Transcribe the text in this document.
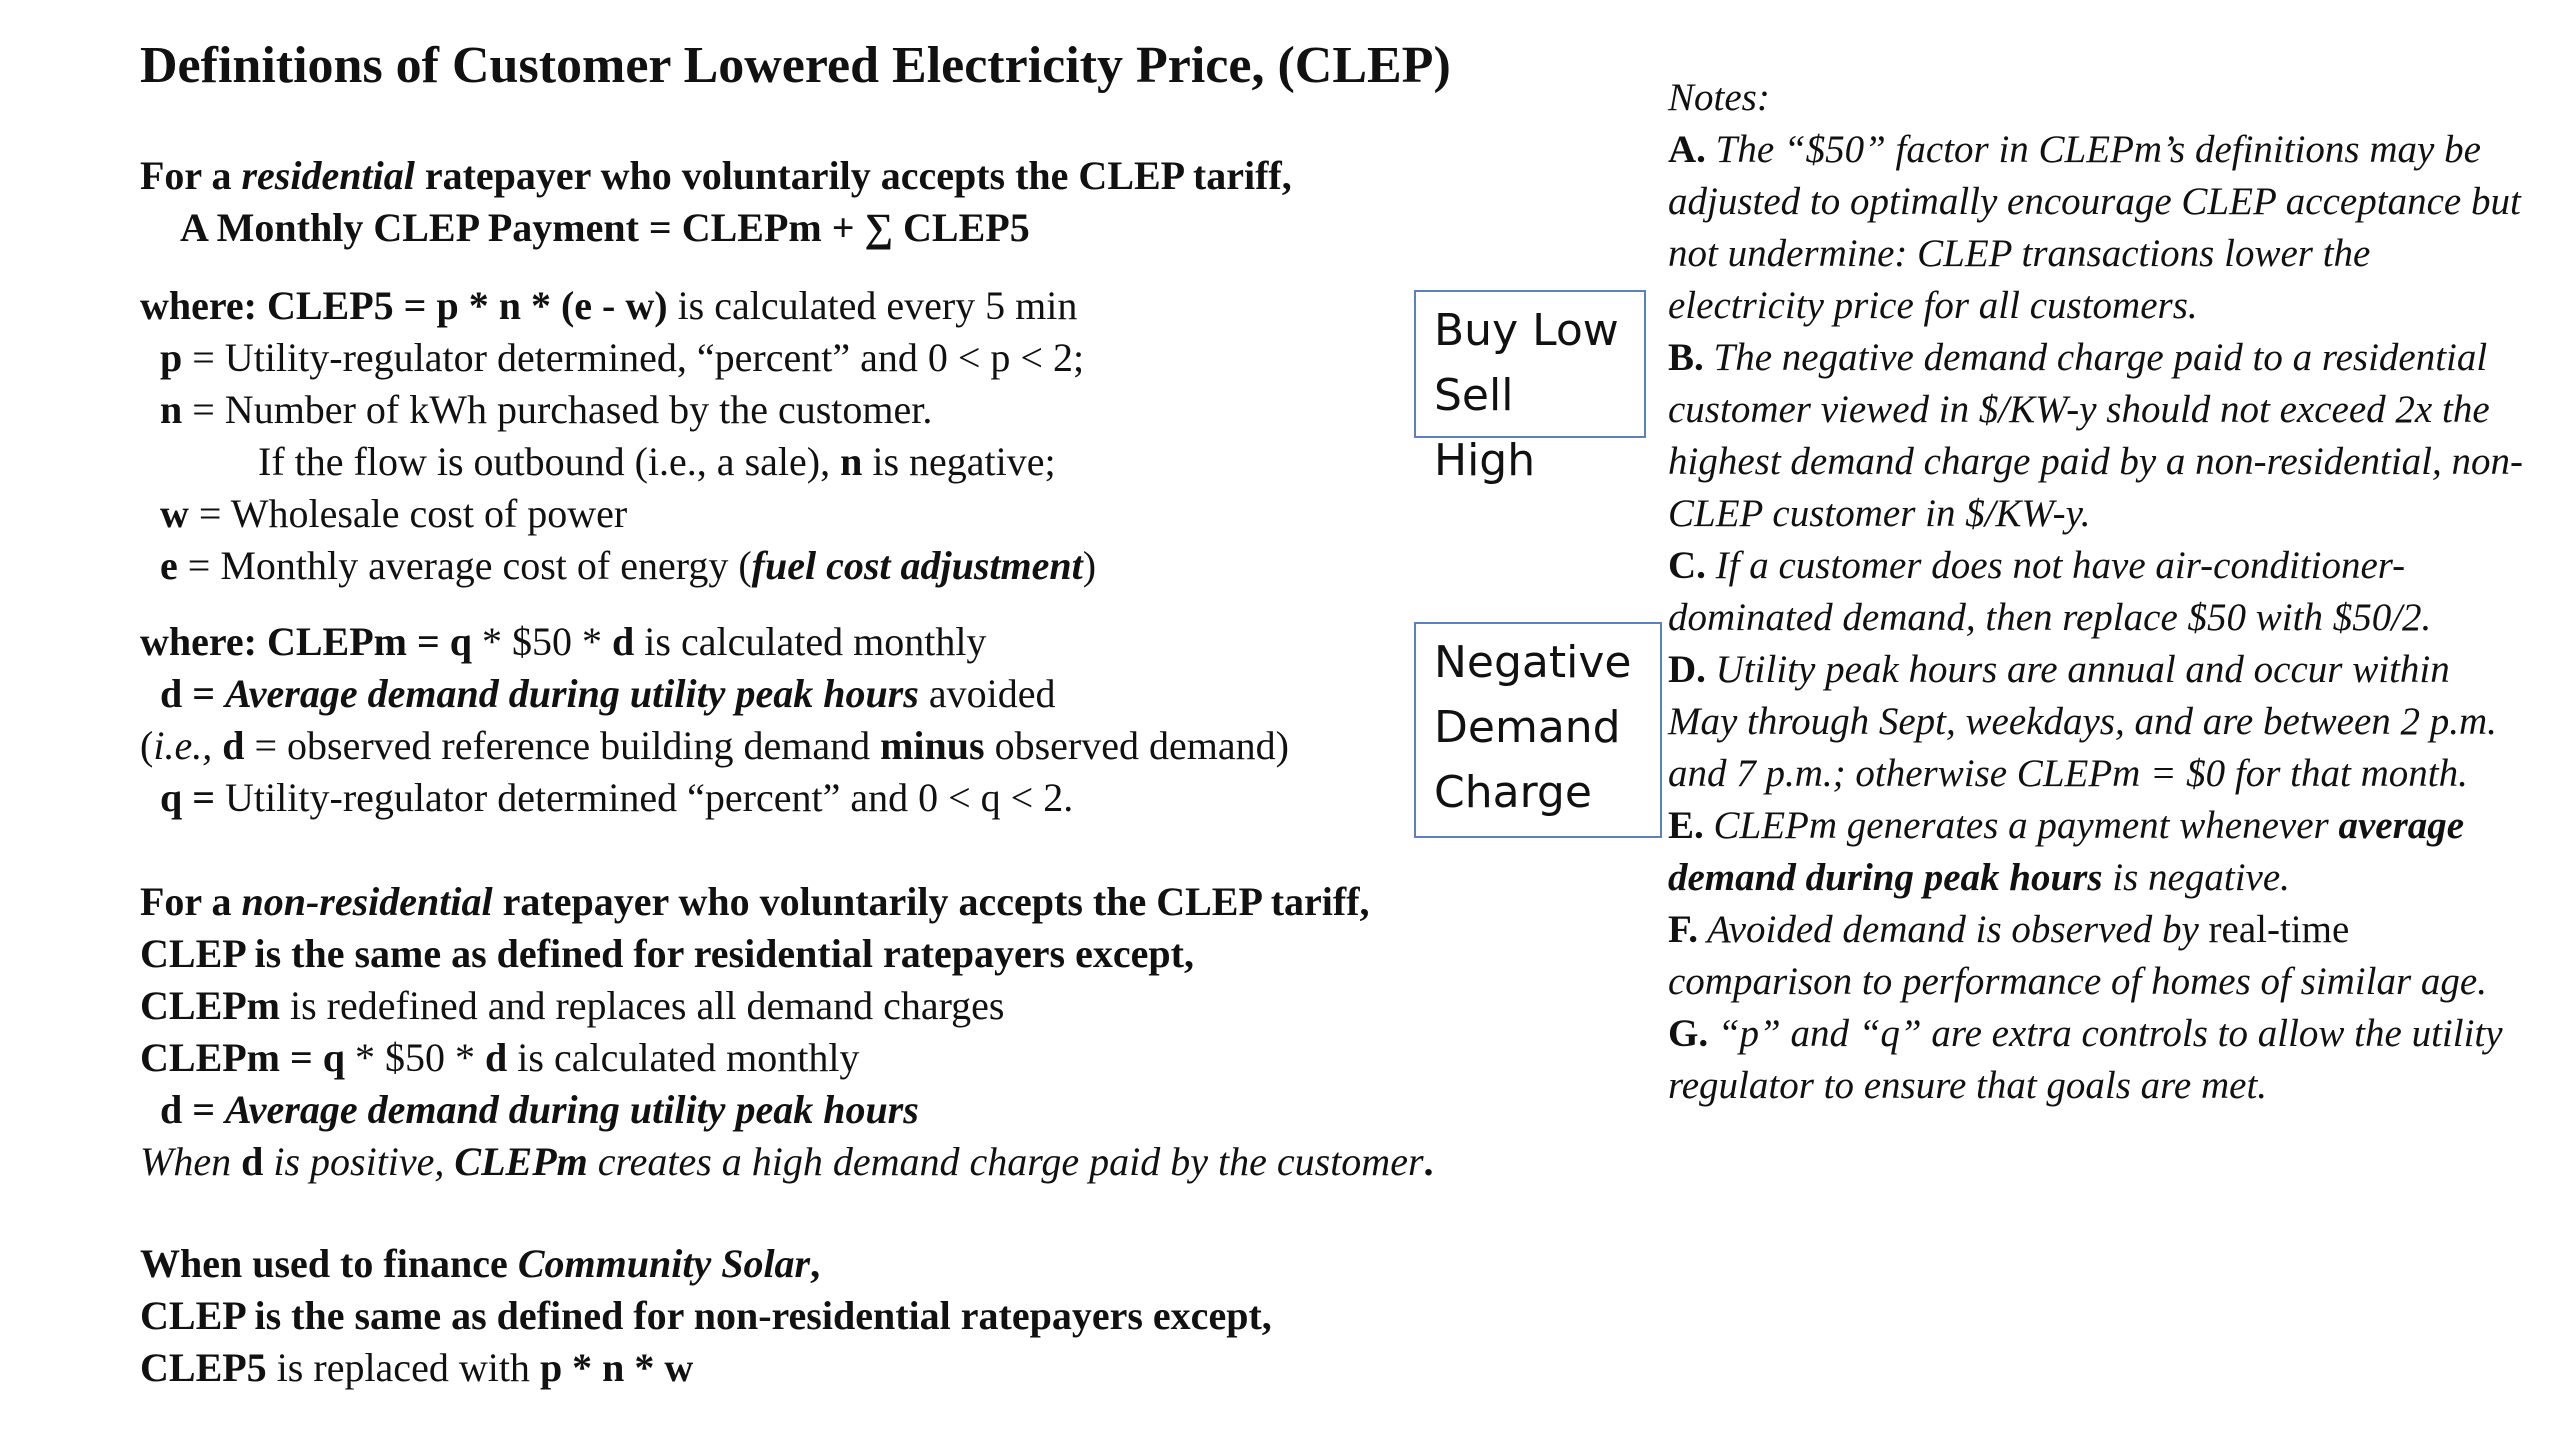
Definitions of Customer Lowered Electricity Price, (CLEP)
For a residential ratepayer who voluntarily accepts the CLEP tariff,
A Monthly CLEP Payment = CLEPm + ∑ CLEP5
where: CLEP5 = p * n * (e - w) is calculated every 5 min
p = Utility-regulator determined, “percent” and 0 < p < 2;
n = Number of kWh purchased by the customer.
If the flow is outbound (i.e., a sale), n is negative;
w = Wholesale cost of power
e = Monthly average cost of energy (fuel cost adjustment)
where: CLEPm = q * $50 * d is calculated monthly
d = Average demand during utility peak hours avoided
(i.e., d = observed reference building demand minus observed demand)
q = Utility-regulator determined “percent” and 0 < q < 2.
For a non-residential ratepayer who voluntarily accepts the CLEP tariff,
CLEP is the same as defined for residential ratepayers except,
CLEPm is redefined and replaces all demand charges
CLEPm = q * $50 * d is calculated monthly
d = Average demand during utility peak hours
When d is positive, CLEPm creates a high demand charge paid by the customer.
When used to finance Community Solar,
CLEP is the same as defined for non-residential ratepayers except,
CLEP5 is replaced with p * n * w
Buy Low
Sell High
Negative
Demand
Charge
Notes:
A. The “$50” factor in CLEPm’s definitions may be adjusted to optimally encourage CLEP acceptance but not undermine: CLEP transactions lower the electricity price for all customers.
B. The negative demand charge paid to a residential customer viewed in $/KW-y should not exceed 2x the highest demand charge paid by a non-residential, non-CLEP customer in $/KW-y.
C. If a customer does not have air-conditioner-dominated demand, then replace $50 with $50/2.
D. Utility peak hours are annual and occur within May through Sept, weekdays, and are between 2 p.m. and 7 p.m.; otherwise CLEPm = $0 for that month.
E. CLEPm generates a payment whenever average demand during peak hours is negative.
F. Avoided demand is observed by real-time comparison to performance of homes of similar age.
G. “p” and “q” are extra controls to allow the utility regulator to ensure that goals are met.
